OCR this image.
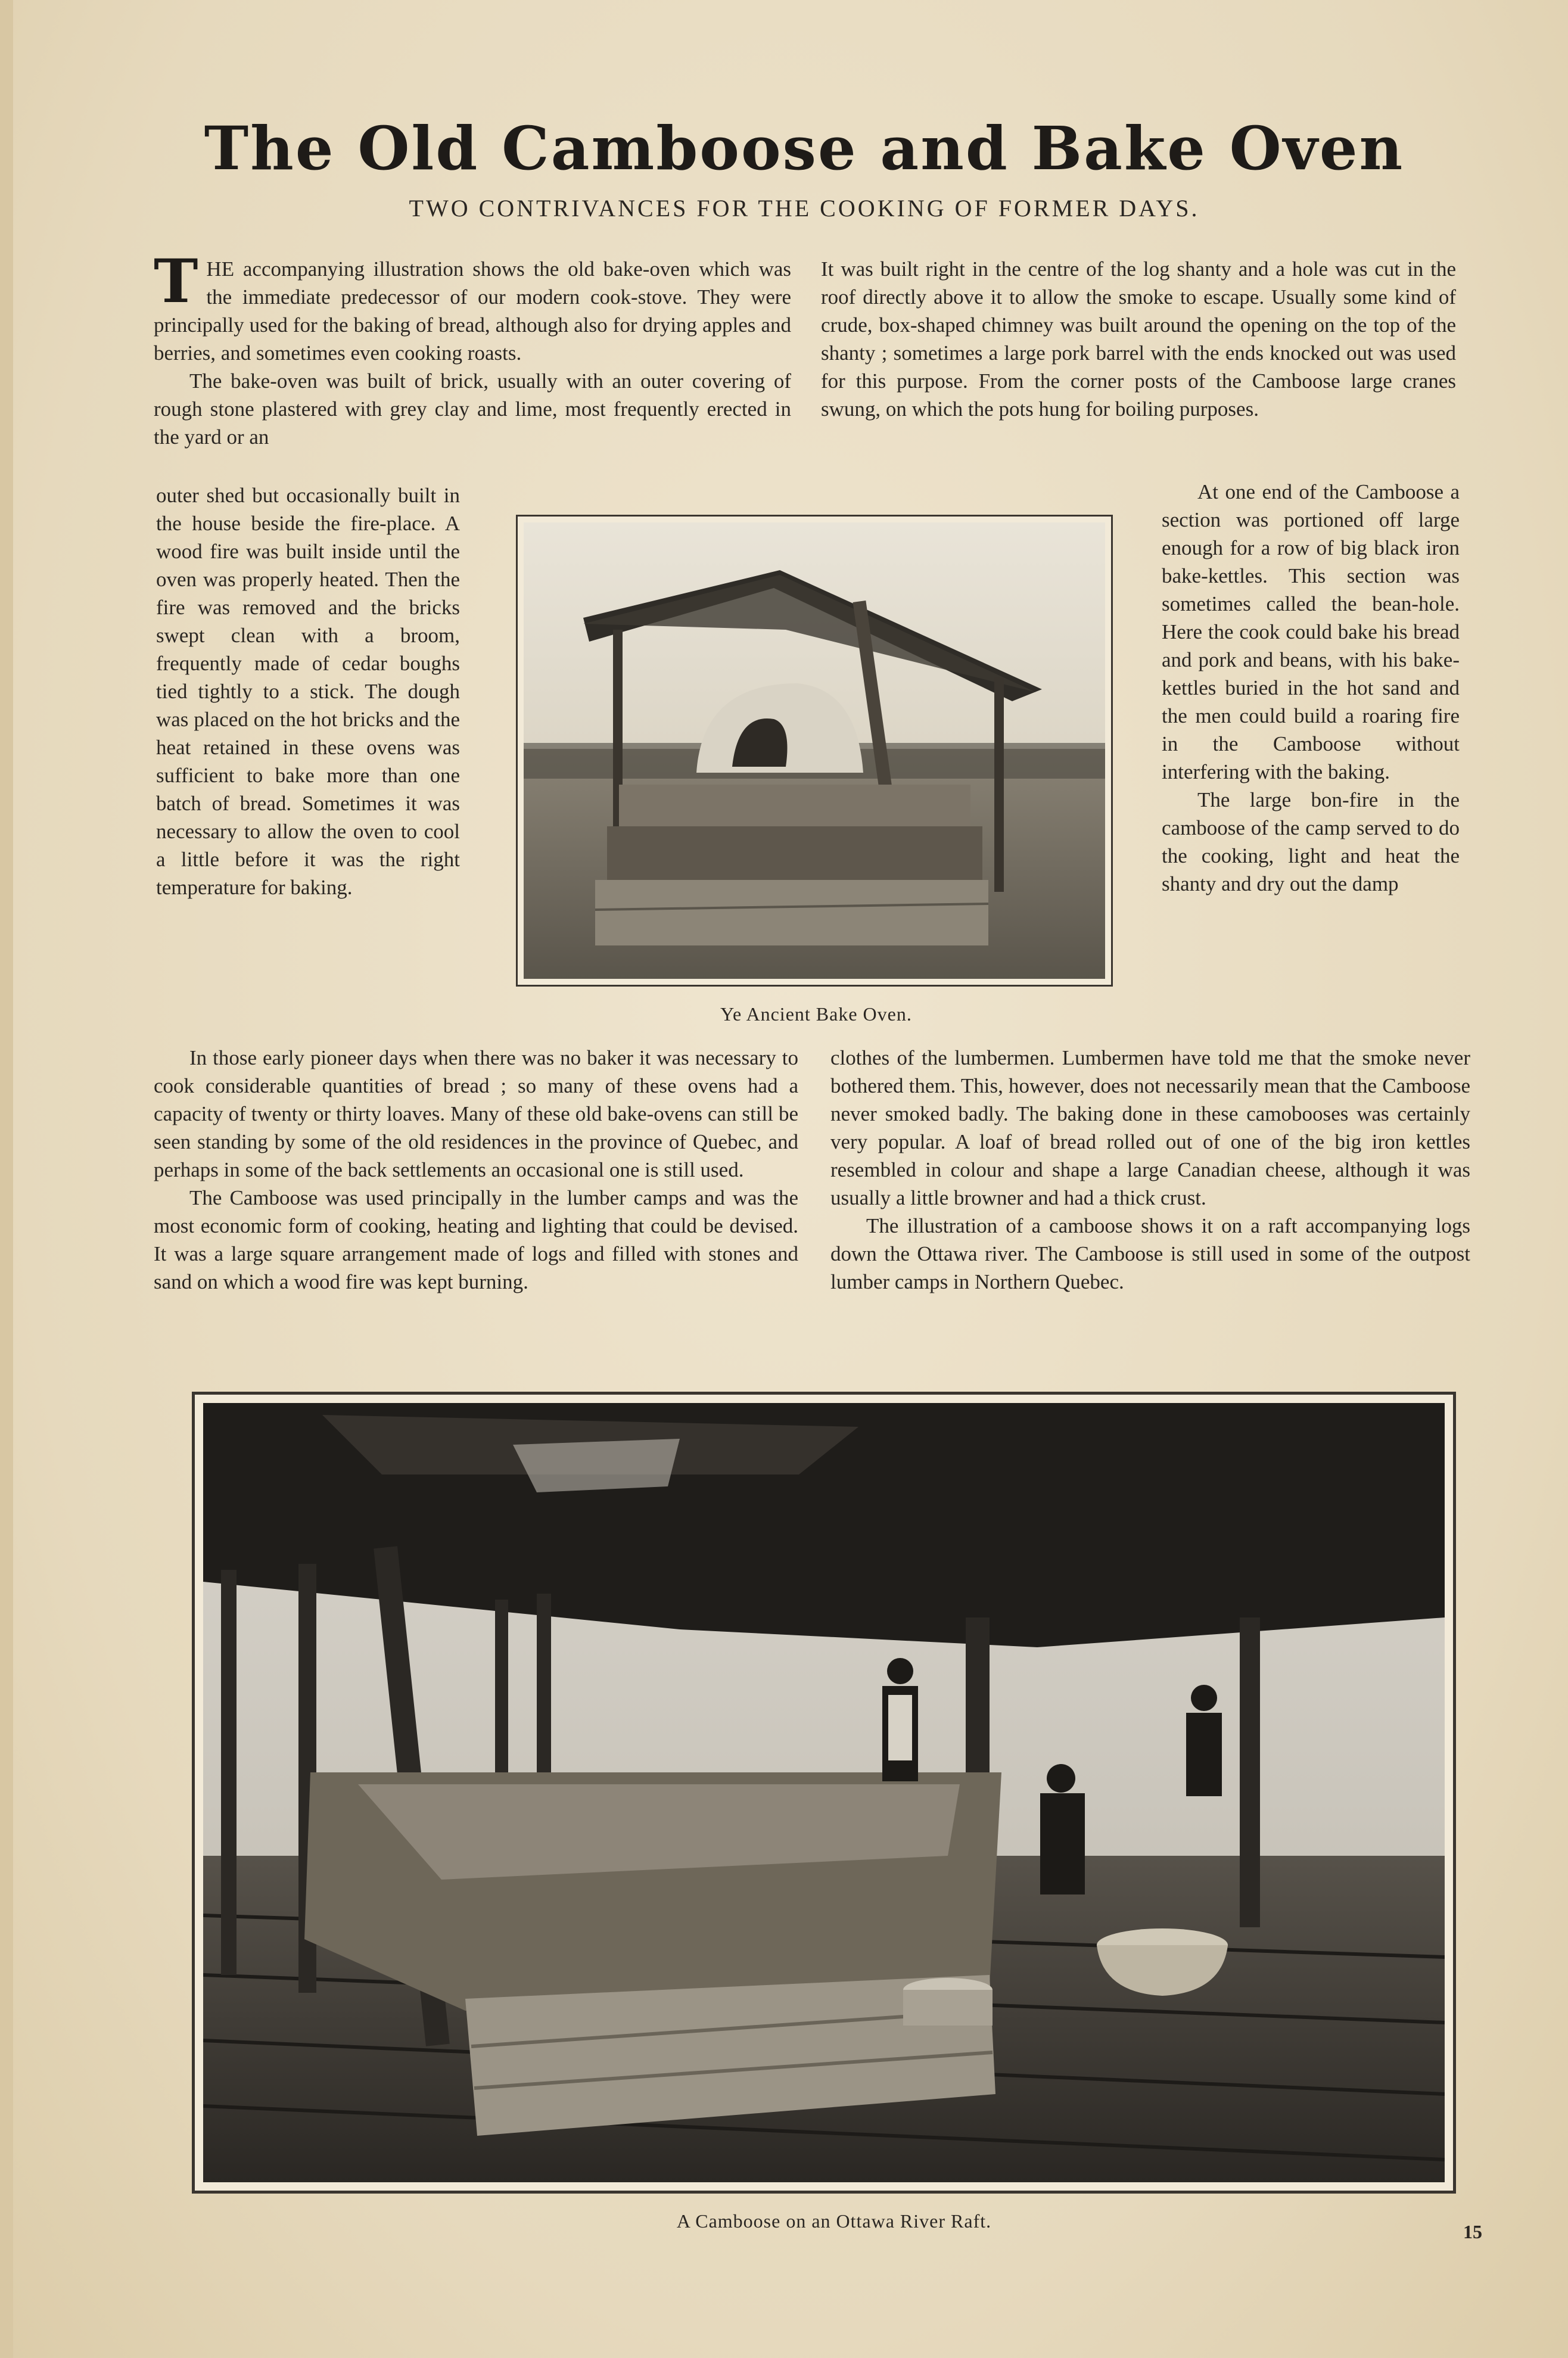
The Old Camboose and Bake Oven
TWO CONTRIVANCES FOR THE COOKING OF FORMER DAYS.

THE accompanying illustration shows the old bake-oven which was the immediate predecessor of our modern cook-stove. They were principally used for the baking of bread, although also for drying apples and berries, and sometimes even cooking roasts.

The bake-oven was built of brick, usually with an outer covering of rough stone plastered with grey clay and lime, most frequently erected in the yard or an

outer shed but occasionally built in the house beside the fire-place. A wood fire was built inside until the oven was properly heated. Then the fire was removed and the bricks swept clean with a broom, frequently made of cedar boughs tied tightly to a stick. The dough was placed on the hot bricks and the heat retained in these ovens was sufficient to bake more than one batch of bread. Sometimes it was necessary to allow the oven to cool a little before it was the right temperature for baking.

In those early pioneer days when there was no baker it was necessary to cook considerable quantities of bread ; so many of these ovens had a capacity of twenty or thirty loaves. Many of these old bake-ovens can still be seen standing by some of the old residences in the province of Quebec, and perhaps in some of the back settlements an occasional one is still used.

The Camboose was used principally in the lumber camps and was the most economic form of cooking, heating and lighting that could be devised. It was a large square arrangement made of logs and filled with stones and sand on which a wood fire was kept burning.

It was built right in the centre of the log shanty and a hole was cut in the roof directly above it to allow the smoke to escape. Usually some kind of crude, box-shaped chimney was built around the opening on the top of the shanty ; sometimes a large pork barrel with the ends knocked out was used for this purpose. From the corner posts of the Camboose large cranes swung, on which the pots hung for boiling purposes.

At one end of the Camboose a section was portioned off large enough for a row of big black iron bake-kettles. This section was sometimes called the bean-hole. Here the cook could bake his bread and pork and beans, with his bake-kettles buried in the hot sand and the men could build a roaring fire in the Camboose without interfering with the baking.

The large bon-fire in the camboose of the camp served to do the cooking, light and heat the shanty and dry out the damp

clothes of the lumbermen. Lumbermen have told me that the smoke never bothered them. This, however, does not necessarily mean that the Camboose never smoked badly. The baking done in these camobooses was certainly very popular. A loaf of bread rolled out of one of the big iron kettles resembled in colour and shape a large Canadian cheese, although it was usually a little browner and had a thick crust.

The illustration of a camboose shows it on a raft accompanying logs down the Ottawa river. The Camboose is still used in some of the outpost lumber camps in Northern Quebec.

Ye Ancient Bake Oven.
A Camboose on an Ottawa River Raft.	15
